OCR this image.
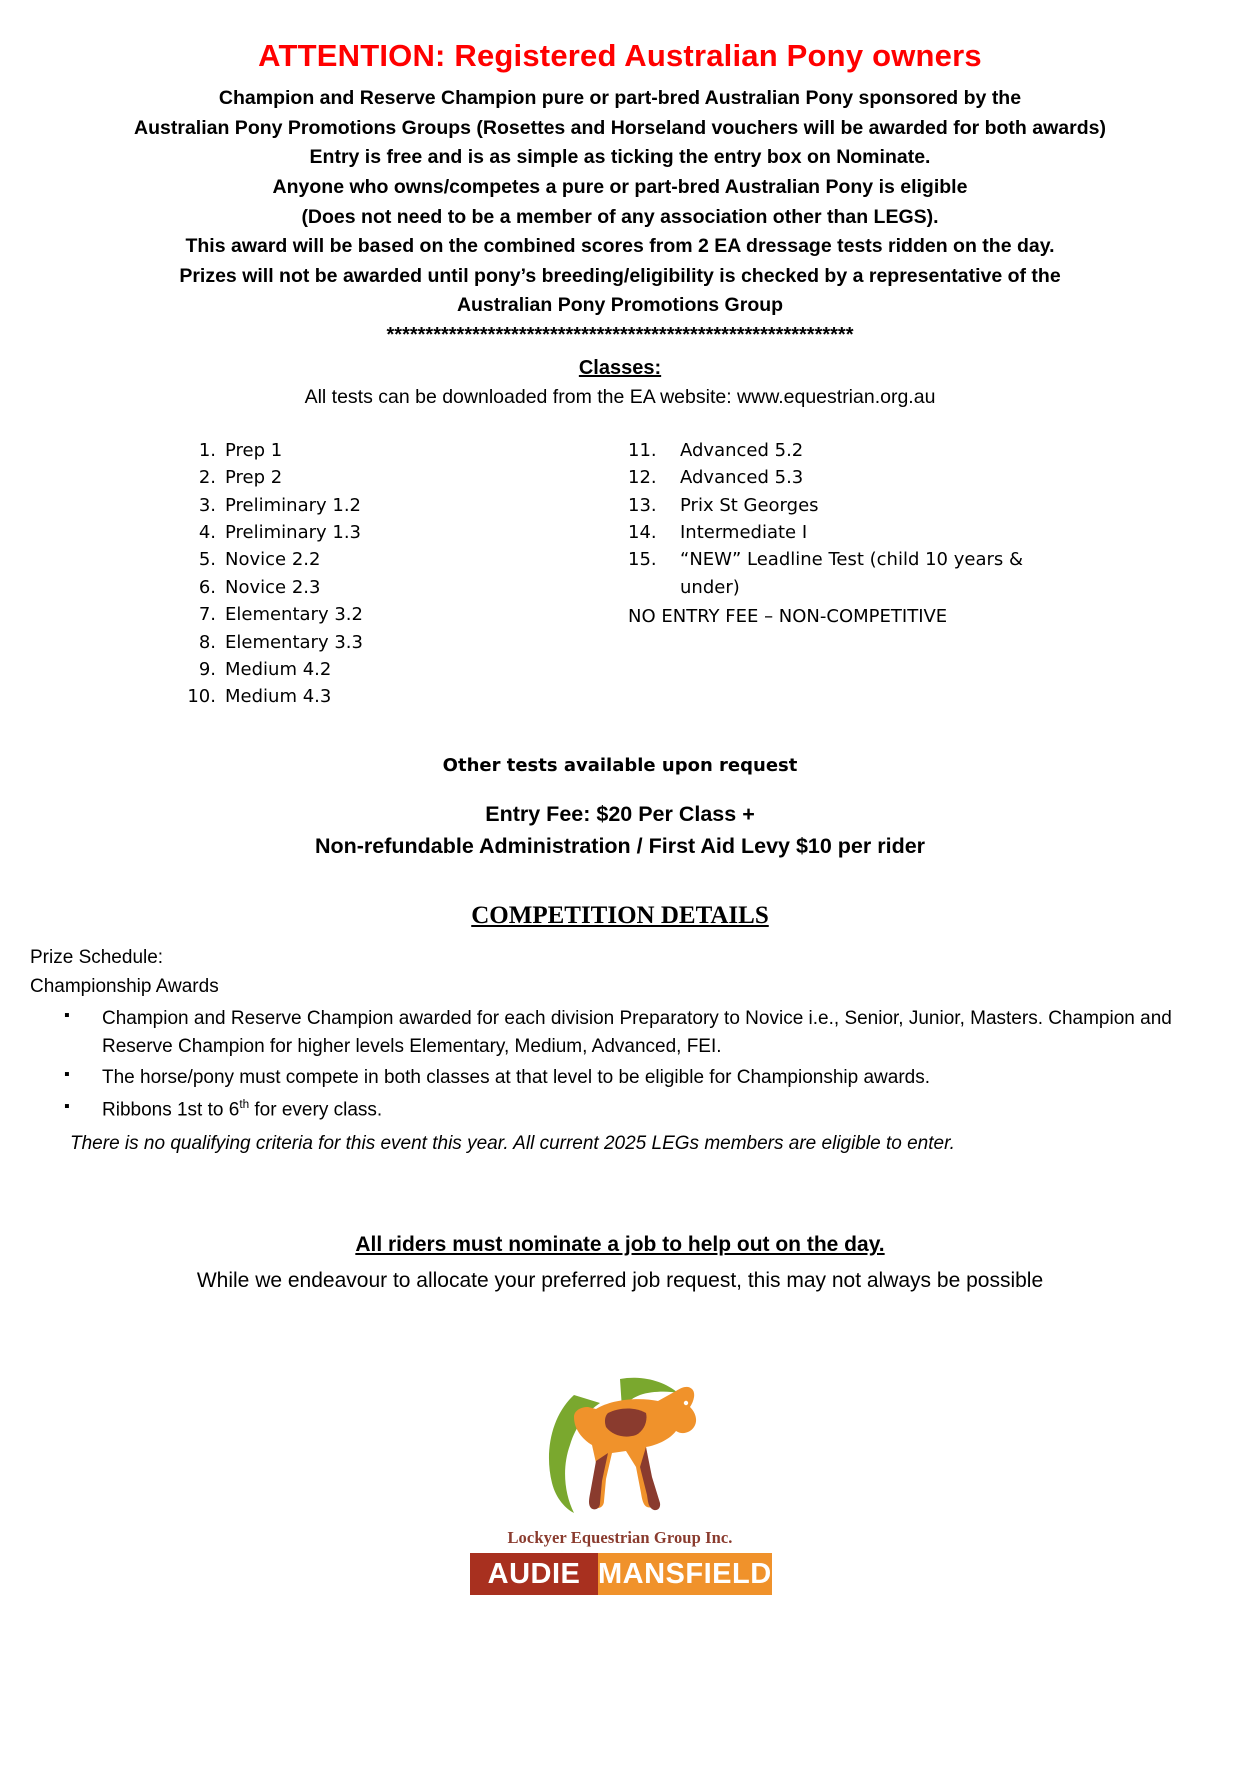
ATTENTION: Registered Australian Pony owners
Champion and Reserve Champion pure or part-bred Australian Pony sponsored by the
Australian Pony Promotions Groups (Rosettes and Horseland vouchers will be awarded for both awards)
Entry is free and is as simple as ticking the entry box on Nominate.
Anyone who owns/competes a pure or part-bred Australian Pony is eligible
(Does not need to be a member of any association other than LEGS).
This award will be based on the combined scores from 2 EA dressage tests ridden on the day.
Prizes will not be awarded until pony’s breeding/eligibility is checked by a representative of the
Australian Pony Promotions Group
************************************************************
Classes:
All tests can be downloaded from the EA website: www.equestrian.org.au
1. Prep 1
2. Prep 2
3. Preliminary 1.2
4. Preliminary 1.3
5. Novice 2.2
6. Novice 2.3
7. Elementary 3.2
8. Elementary 3.3
9. Medium 4.2
10. Medium 4.3
11.	Advanced 5.2
12.	Advanced 5.3
13.	Prix St Georges
14.	Intermediate I
15.	“NEW” Leadline Test (child 10 years & under)
NO ENTRY FEE – NON-COMPETITIVE
Other tests available upon request
Entry Fee: $20 Per Class +
Non-refundable Administration / First Aid Levy $10 per rider
COMPETITION DETAILS
Prize Schedule:
Championship Awards
▪ Champion and Reserve Champion awarded for each division Preparatory to Novice i.e., Senior, Junior, Masters. Champion and Reserve Champion for higher levels Elementary, Medium, Advanced, FEI.
▪ The horse/pony must compete in both classes at that level to be eligible for Championship awards.
▪ Ribbons 1st to 6th for every class.
There is no qualifying criteria for this event this year. All current 2025 LEGs members are eligible to enter.
All riders must nominate a job to help out on the day.
While we endeavour to allocate your preferred job request, this may not always be possible
Lockyer Equestrian Group Inc.
AUDIE MANSFIELD
